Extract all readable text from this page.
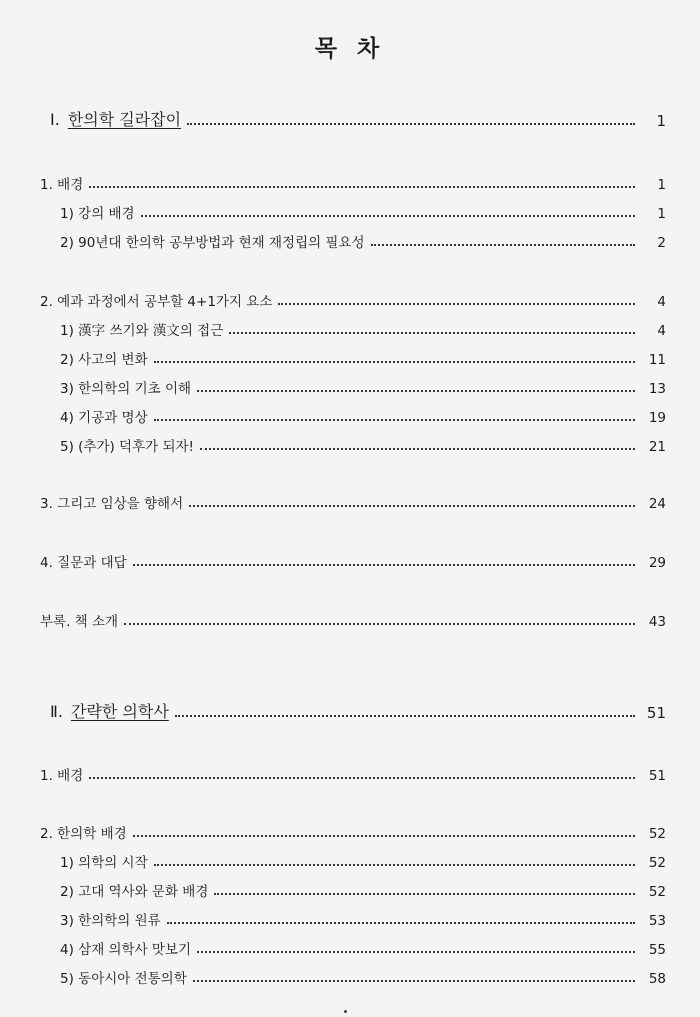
목 차
Ⅰ. 한의학 길라잡이	1
1. 배경	1
1) 강의 배경	1
2) 90년대 한의학 공부방법과 현재 재정립의 필요성	2
2. 예과 과정에서 공부할 4+1가지 요소	4
1) 漢字 쓰기와 漢文의 접근	4
2) 사고의 변화	11
3) 한의학의 기초 이해	13
4) 기공과 명상	19
5) (추가) 덕후가 되자!	21
3. 그리고 임상을 향해서	24
4. 질문과 대답	29
부록. 책 소개	43
Ⅱ. 간략한 의학사	51
1. 배경	51
2. 한의학 배경	52
1) 의학의 시작	52
2) 고대 역사와 문화 배경	52
3) 한의학의 원류	53
4) 삼재 의학사 맛보기	55
5) 동아시아 전통의학	58
